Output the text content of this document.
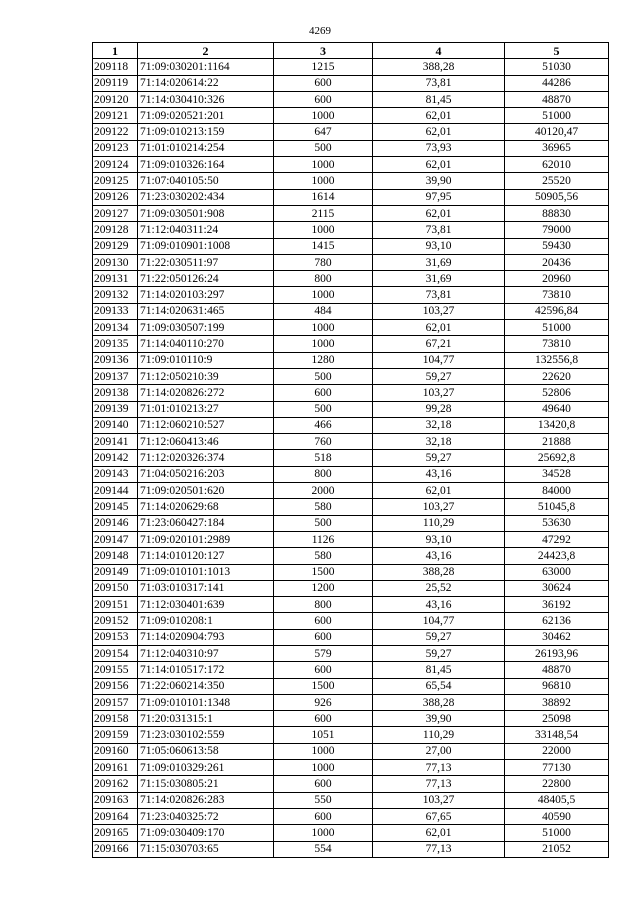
4269
1	2	3	4	5
209118	71:09:030201:1164	1215	388,28	51030
209119	71:14:020614:22	600	73,81	44286
209120	71:14:030410:326	600	81,45	48870
209121	71:09:020521:201	1000	62,01	51000
209122	71:09:010213:159	647	62,01	40120,47
209123	71:01:010214:254	500	73,93	36965
209124	71:09:010326:164	1000	62,01	62010
209125	71:07:040105:50	1000	39,90	25520
209126	71:23:030202:434	1614	97,95	50905,56
209127	71:09:030501:908	2115	62,01	88830
209128	71:12:040311:24	1000	73,81	79000
209129	71:09:010901:1008	1415	93,10	59430
209130	71:22:030511:97	780	31,69	20436
209131	71:22:050126:24	800	31,69	20960
209132	71:14:020103:297	1000	73,81	73810
209133	71:14:020631:465	484	103,27	42596,84
209134	71:09:030507:199	1000	62,01	51000
209135	71:14:040110:270	1000	67,21	73810
209136	71:09:010110:9	1280	104,77	132556,8
209137	71:12:050210:39	500	59,27	22620
209138	71:14:020826:272	600	103,27	52806
209139	71:01:010213:27	500	99,28	49640
209140	71:12:060210:527	466	32,18	13420,8
209141	71:12:060413:46	760	32,18	21888
209142	71:12:020326:374	518	59,27	25692,8
209143	71:04:050216:203	800	43,16	34528
209144	71:09:020501:620	2000	62,01	84000
209145	71:14:020629:68	580	103,27	51045,8
209146	71:23:060427:184	500	110,29	53630
209147	71:09:020101:2989	1126	93,10	47292
209148	71:14:010120:127	580	43,16	24423,8
209149	71:09:010101:1013	1500	388,28	63000
209150	71:03:010317:141	1200	25,52	30624
209151	71:12:030401:639	800	43,16	36192
209152	71:09:010208:1	600	104,77	62136
209153	71:14:020904:793	600	59,27	30462
209154	71:12:040310:97	579	59,27	26193,96
209155	71:14:010517:172	600	81,45	48870
209156	71:22:060214:350	1500	65,54	96810
209157	71:09:010101:1348	926	388,28	38892
209158	71:20:031315:1	600	39,90	25098
209159	71:23:030102:559	1051	110,29	33148,54
209160	71:05:060613:58	1000	27,00	22000
209161	71:09:010329:261	1000	77,13	77130
209162	71:15:030805:21	600	77,13	22800
209163	71:14:020826:283	550	103,27	48405,5
209164	71:23:040325:72	600	67,65	40590
209165	71:09:030409:170	1000	62,01	51000
209166	71:15:030703:65	554	77,13	21052
